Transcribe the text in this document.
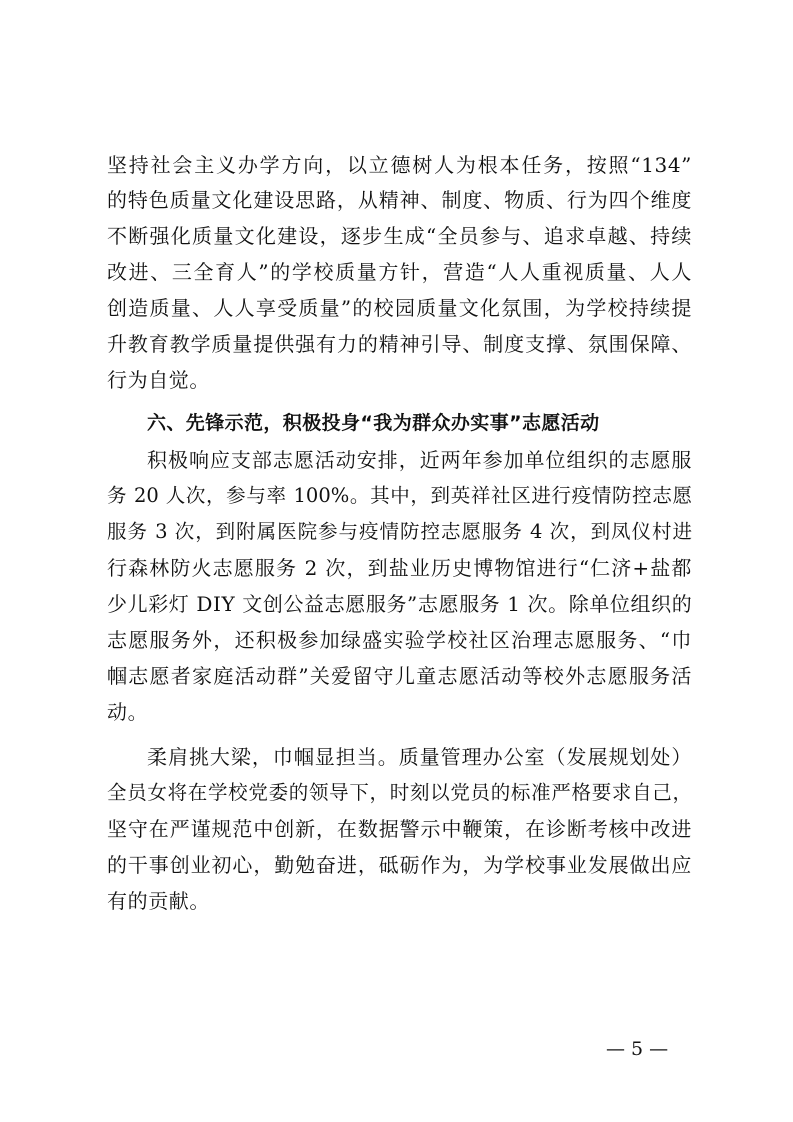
坚持社会主义办学方向，以立德树人为根本任务，按照“134”
的特色质量文化建设思路，从精神、制度、物质、行为四个维度
不断强化质量文化建设，逐步生成“全员参与、追求卓越、持续
改进、三全育人”的学校质量方针，营造“人人重视质量、人人
创造质量、人人享受质量”的校园质量文化氛围，为学校持续提
升教育教学质量提供强有力的精神引导、制度支撑、氛围保障、
行为自觉。
六、先锋示范，积极投身“我为群众办实事”志愿活动
积极响应支部志愿活动安排，近两年参加单位组织的志愿服
务 20 人次，参与率 100%。其中，到英祥社区进行疫情防控志愿
服务 3 次，到附属医院参与疫情防控志愿服务 4 次，到凤仪村进
行森林防火志愿服务 2 次，到盐业历史博物馆进行“仁济+盐都
少儿彩灯 DIY 文创公益志愿服务”志愿服务 1 次。除单位组织的
志愿服务外，还积极参加绿盛实验学校社区治理志愿服务、“巾
帼志愿者家庭活动群”关爱留守儿童志愿活动等校外志愿服务活
动。
柔肩挑大梁，巾帼显担当。质量管理办公室（发展规划处）
全员女将在学校党委的领导下，时刻以党员的标准严格要求自己，
坚守在严谨规范中创新，在数据警示中鞭策，在诊断考核中改进
的干事创业初心，勤勉奋进，砥砺作为，为学校事业发展做出应
有的贡献。
— 5 —
